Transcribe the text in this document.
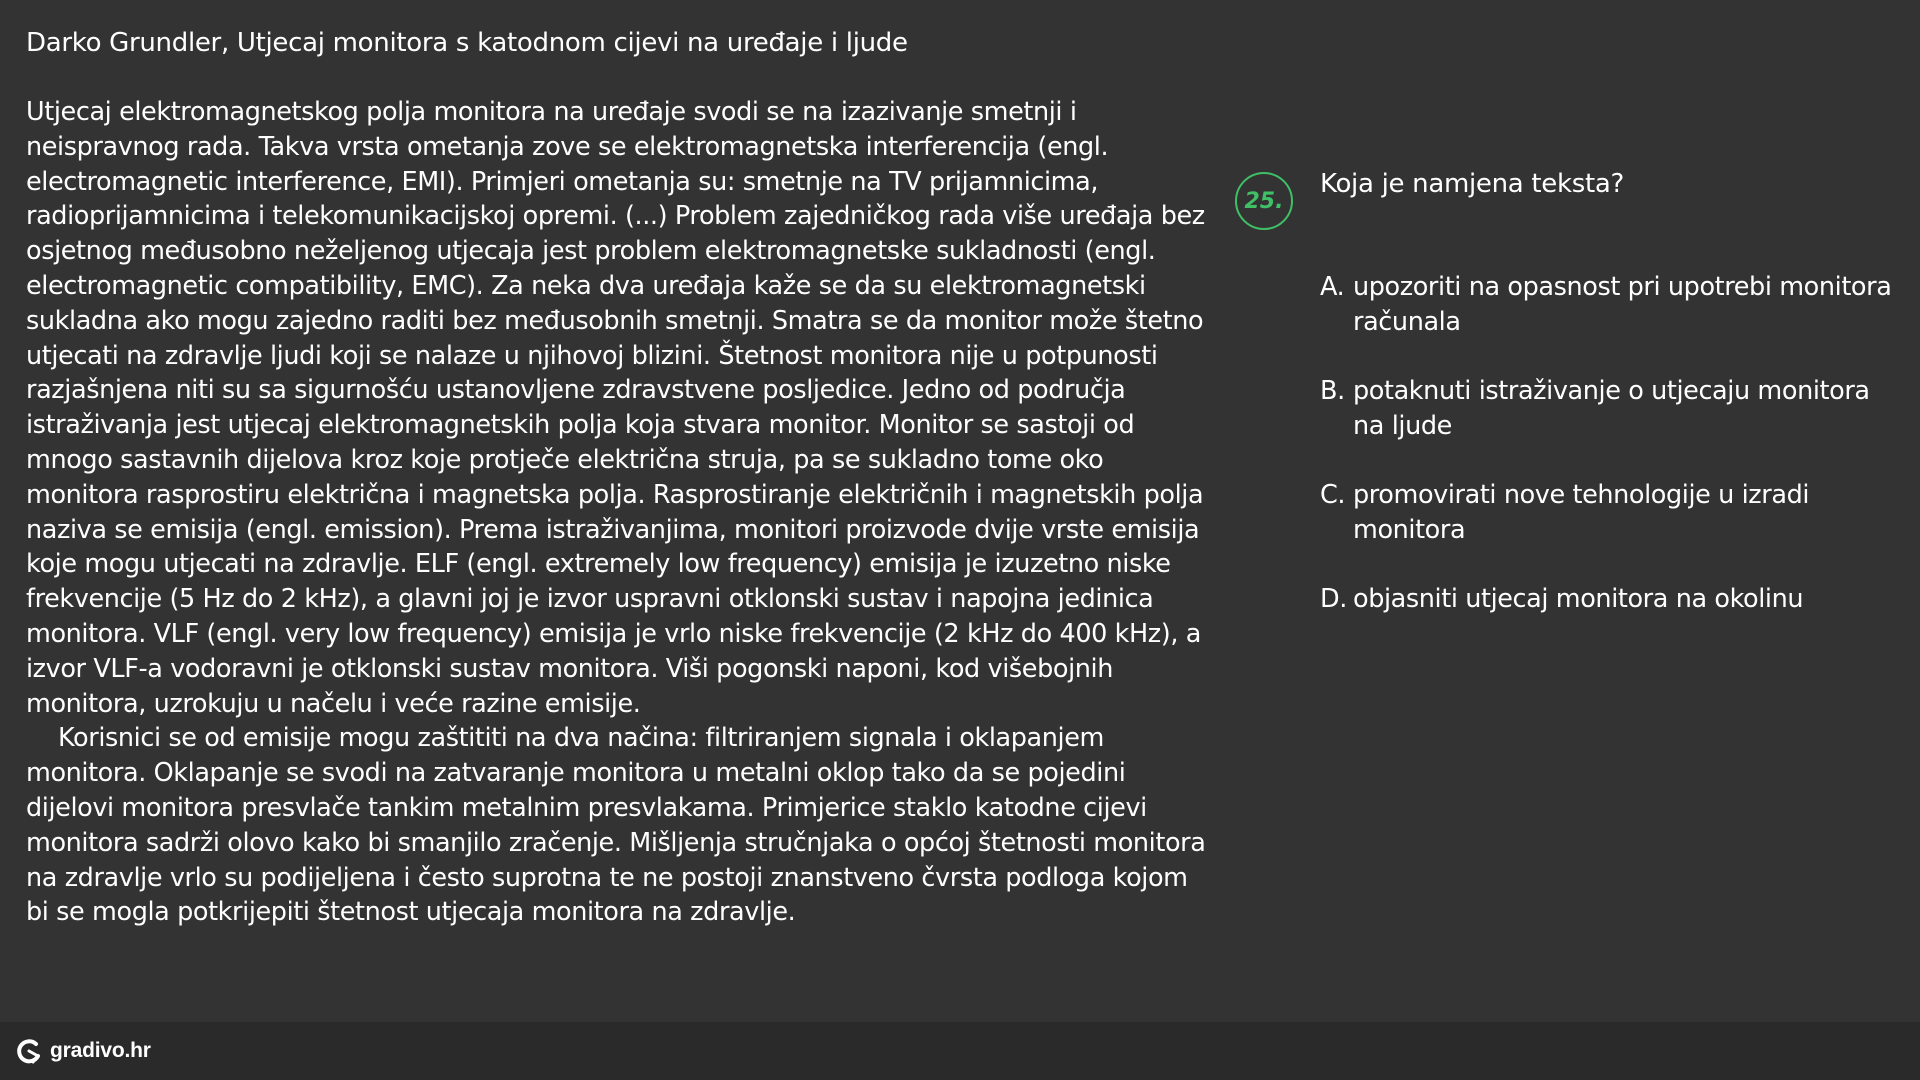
Darko Grundler, Utjecaj monitora s katodnom cijevi na uređaje i ljude

Utjecaj elektromagnetskog polja monitora na uređaje svodi se na izazivanje smetnji i neispravnog rada. Takva vrsta ometanja zove se elektromagnetska interferencija (engl. electromagnetic interference, EMI). Primjeri ometanja su: smetnje na TV prijamnicima, radioprijamnicima i telekomunikacijskoj opremi. (...) Problem zajedničkog rada više uređaja bez osjetnog međusobno neželjenog utjecaja jest problem elektromagnetske sukladnosti (engl. electromagnetic compatibility, EMC). Za neka dva uređaja kaže se da su elektromagnetski sukladna ako mogu zajedno raditi bez međusobnih smetnji. Smatra se da monitor može štetno utjecati na zdravlje ljudi koji se nalaze u njihovoj blizini. Štetnost monitora nije u potpunosti razjašnjena niti su sa sigurnošću ustanovljene zdravstvene posljedice. Jedno od područja istraživanja jest utjecaj elektromagnetskih polja koja stvara monitor. Monitor se sastoji od mnogo sastavnih dijelova kroz koje protječe električna struja, pa se sukladno tome oko monitora rasprostiru električna i magnetska polja. Rasprostiranje električnih i magnetskih polja naziva se emisija (engl. emission). Prema istraživanjima, monitori proizvode dvije vrste emisija koje mogu utjecati na zdravlje. ELF (engl. extremely low frequency) emisija je izuzetno niske frekvencije (5 Hz do 2 kHz), a glavni joj je izvor uspravni otklonski sustav i napojna jedinica monitora. VLF (engl. very low frequency) emisija je vrlo niske frekvencije (2 kHz do 400 kHz), a izvor VLF-a vodoravni je otklonski sustav monitora. Viši pogonski naponi, kod višebojnih monitora, uzrokuju u načelu i veće razine emisije.

Korisnici se od emisije mogu zaštititi na dva načina: filtriranjem signala i oklapanjem monitora. Oklapanje se svodi na zatvaranje monitora u metalni oklop tako da se pojedini dijelovi monitora presvlače tankim metalnim presvlakama. Primjerice staklo katodne cijevi monitora sadrži olovo kako bi smanjilo zračenje. Mišljenja stručnjaka o općoj štetnosti monitora na zdravlje vrlo su podijeljena i često suprotna te ne postoji znanstveno čvrsta podloga kojom bi se mogla potkrijepiti štetnost utjecaja monitora na zdravlje.

25.
Koja je namjena teksta?
A. upozoriti na opasnost pri upotrebi monitora računala
B. potaknuti istraživanje o utjecaju monitora na ljude
C. promovirati nove tehnologije u izradi monitora
D. objasniti utjecaj monitora na okolinu
gradivo.hr
